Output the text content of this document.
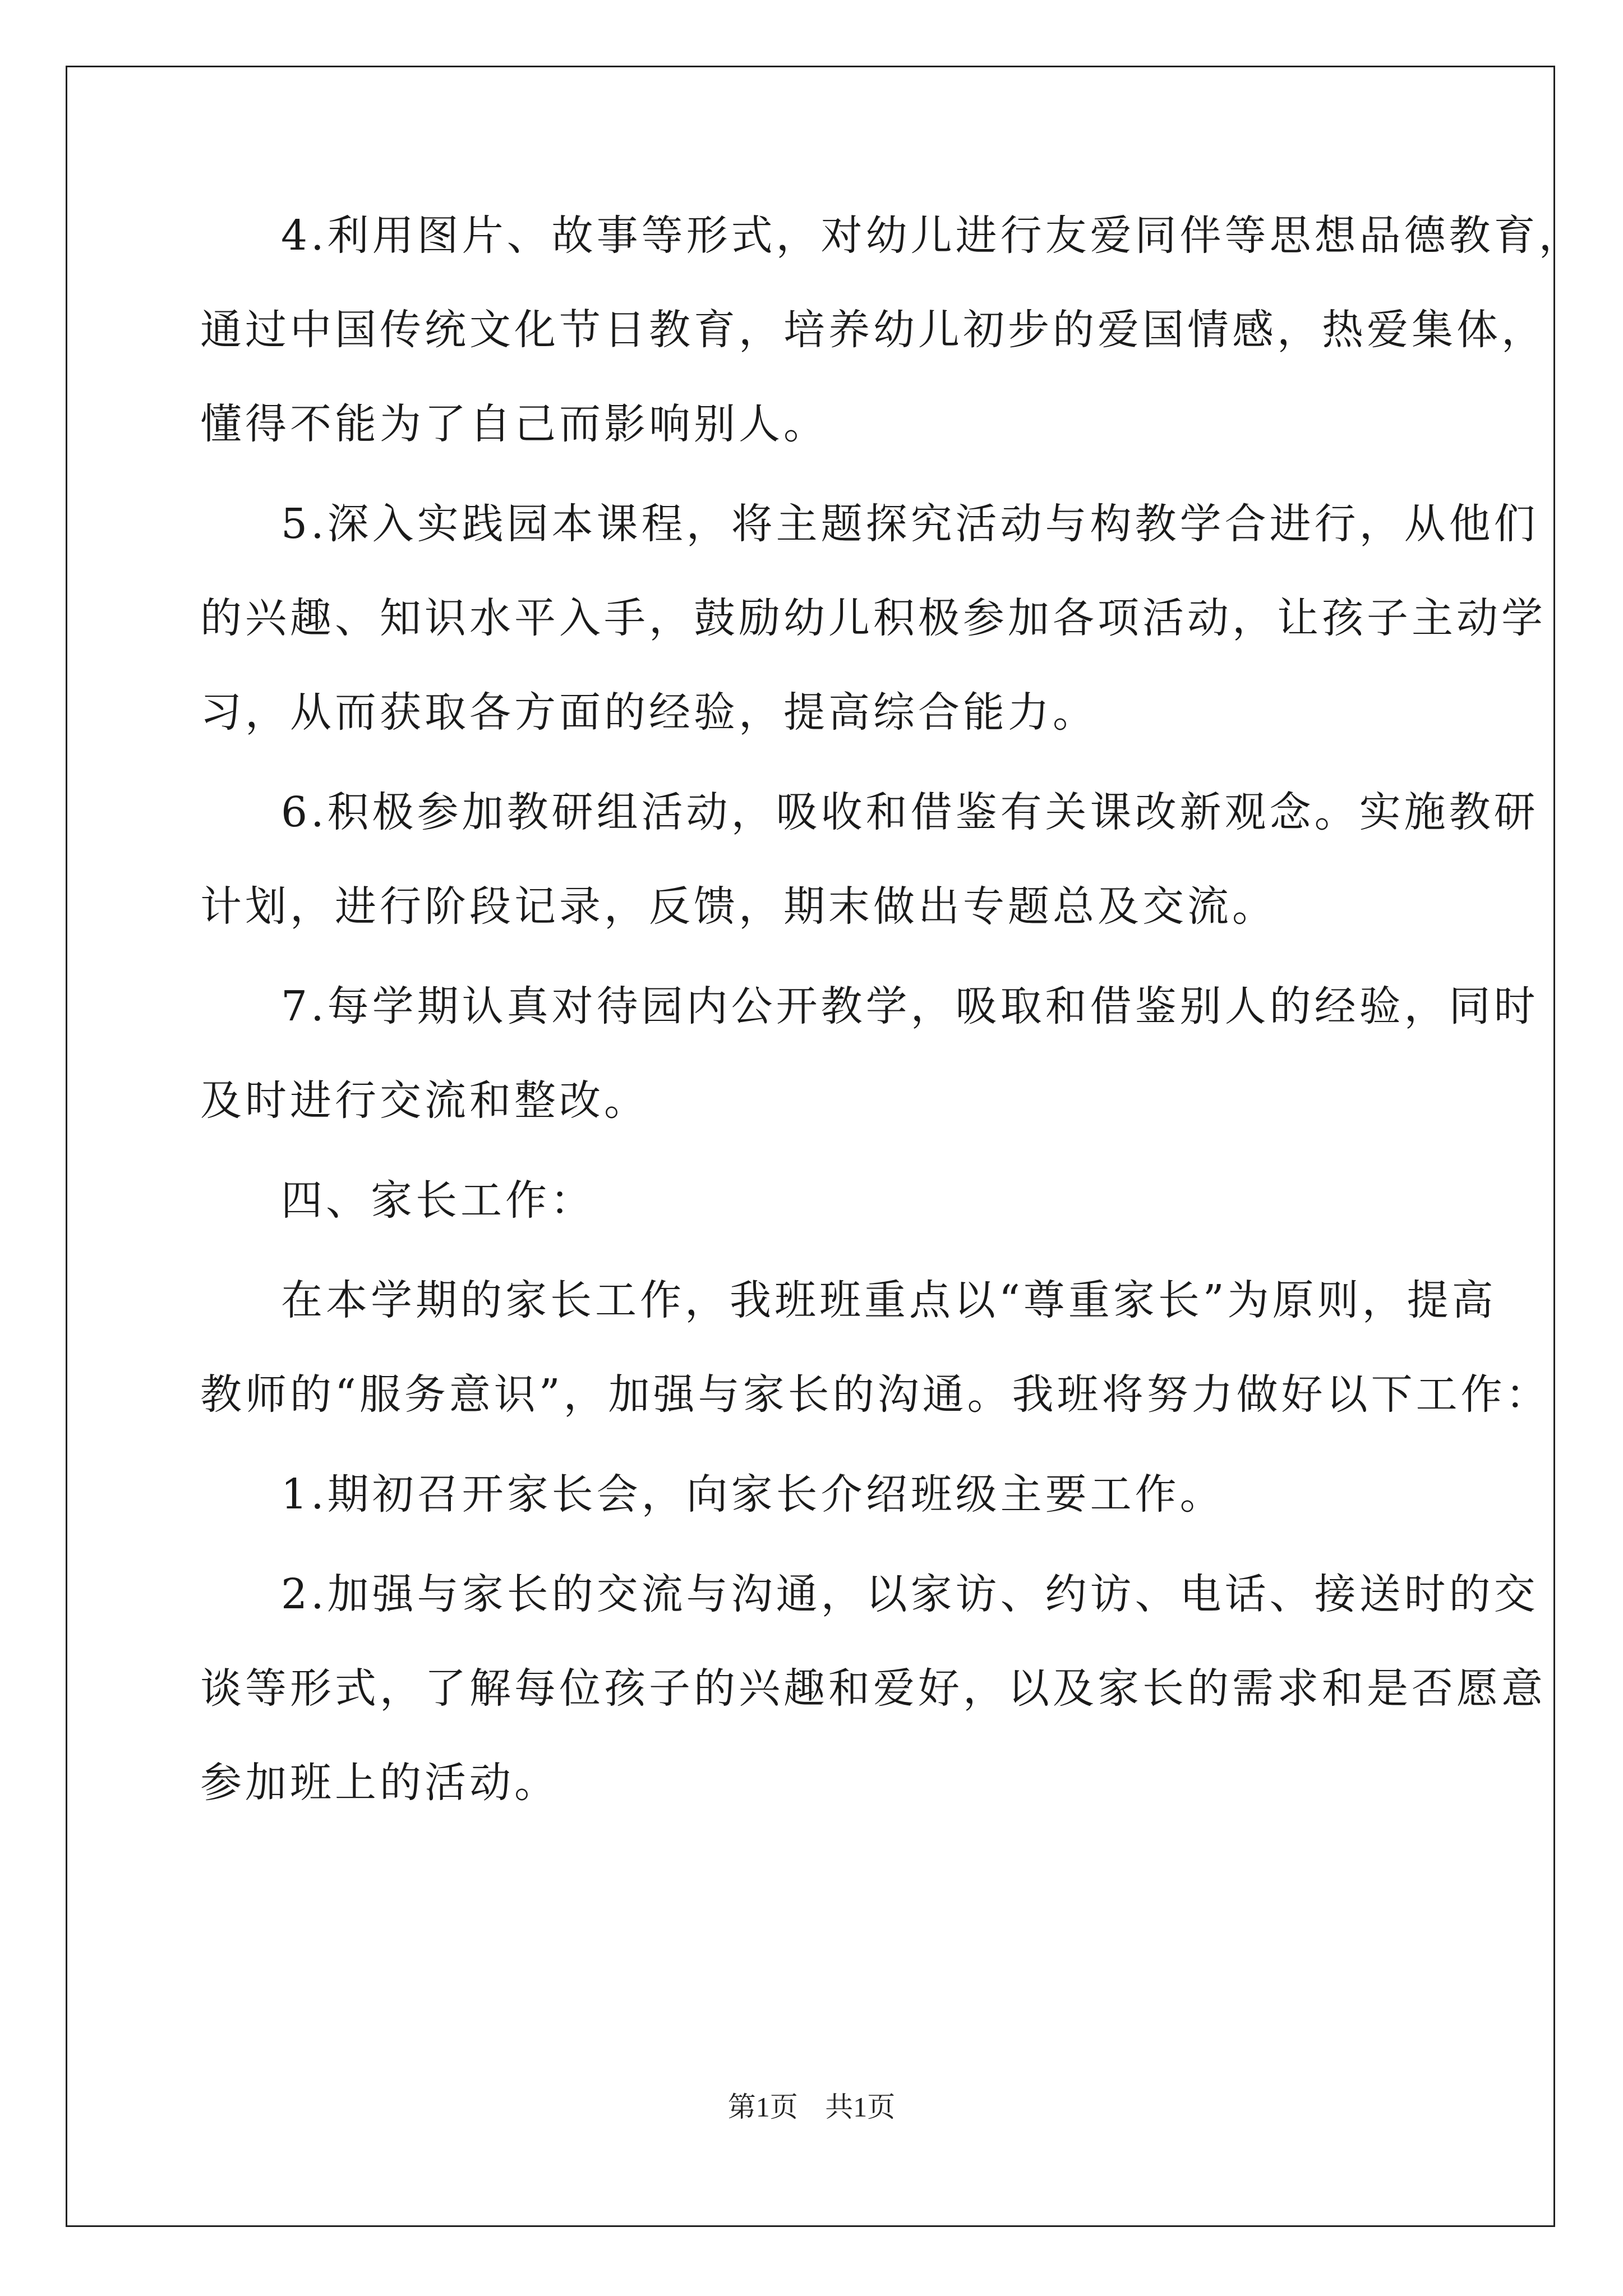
4.利用图片、故事等形式，对幼儿进行友爱同伴等思想品德教育，
通过中国传统文化节日教育，培养幼儿初步的爱国情感，热爱集体，
懂得不能为了自己而影响别人。
5.深入实践园本课程，将主题探究活动与构教学合进行，从他们
的兴趣、知识水平入手，鼓励幼儿积极参加各项活动，让孩子主动学
习，从而获取各方面的经验，提高综合能力。
6.积极参加教研组活动，吸收和借鉴有关课改新观念。实施教研
计划，进行阶段记录，反馈，期末做出专题总及交流。
7.每学期认真对待园内公开教学，吸取和借鉴别人的经验，同时
及时进行交流和整改。
四、家长工作：
在本学期的家长工作，我班班重点以“尊重家长”为原则，提高
教师的“服务意识”，加强与家长的沟通。我班将努力做好以下工作：
1.期初召开家长会，向家长介绍班级主要工作。
2.加强与家长的交流与沟通，以家访、约访、电话、接送时的交
谈等形式，了解每位孩子的兴趣和爱好，以及家长的需求和是否愿意
参加班上的活动。
第1页 共1页
